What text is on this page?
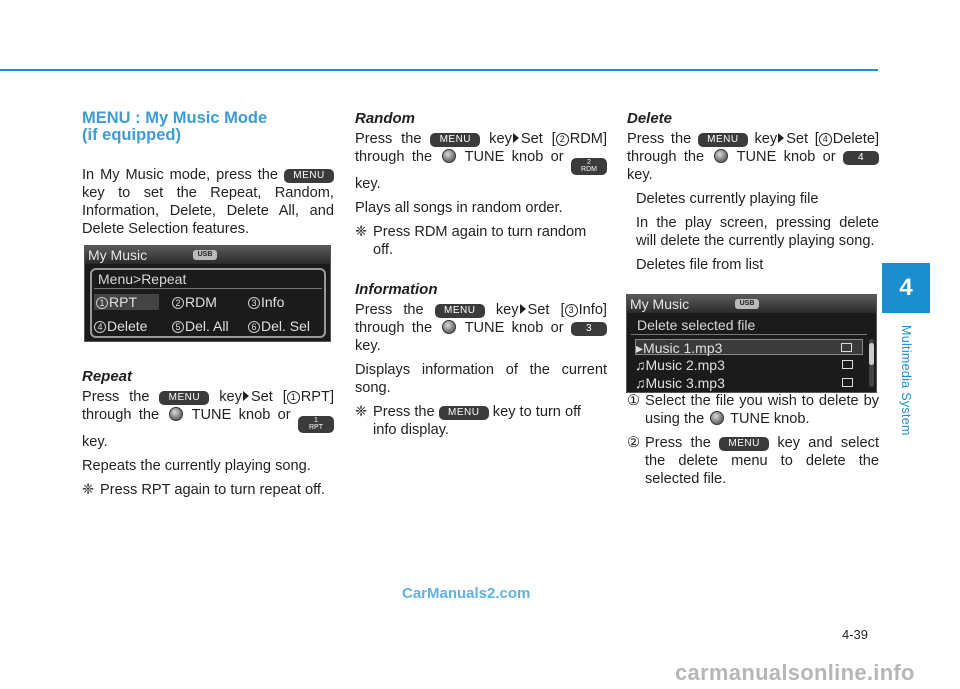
MENU : My Music Mode
(if equipped)
In My Music mode, press the MENU key to set the Repeat, Random, Information, Delete, Delete All, and Delete Selection features.
Repeat
Press the MENU key Set [ 1 RPT] through the TUNE knob or	1
RPT
key.
Repeats the currently playing song.
❈ Press RPT again to turn repeat off.
My Music	USB
Menu>Repeat
1 RPT	2 RDM	3 Info
4 Delete	5 Del. All	6 Del. Sel
Random
Press the MENU key Set [ 2 RDM] through the TUNE knob or	2
RDM
key.
Plays all songs in random order.
❈ Press RDM again to turn random off.
Information
Press the MENU key Set [ 3 Info] through the TUNE knob or 3 key.
Displays information of the current song.
❈ Press the MENU key to turn off info display.
Delete
Press the MENU key Set [ 4 Delete] through the TUNE knob or 4 key.
Deletes currently playing file
In the play screen, pressing delete will delete the currently playing song.
Deletes file from list
① Select the file you wish to delete by using the TUNE knob.
② Press the MENU key and select the delete menu to delete the selected file.
My Music	USB
Delete selected file
▸Music 1.mp3
♫Music 2.mp3
♫Music 3.mp3
4
Multimedia System
CarManuals2.com
4-39
carmanualsonline.info
